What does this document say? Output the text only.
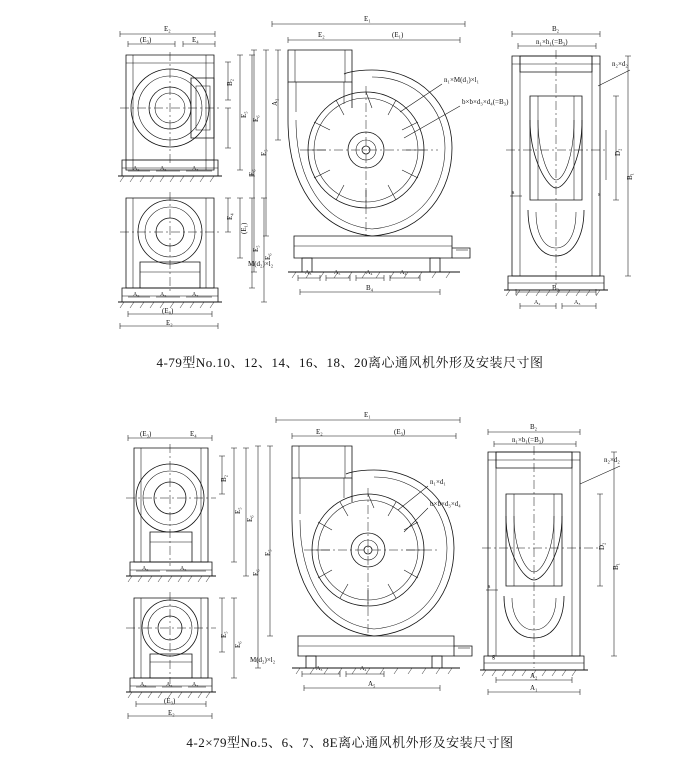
E₂
(E₃)	E₄
B₂
E₅
E₆
A₆	A₅	A₇
E₄
(E₁)
E₅
E₆
A₆	A₅	A₇
(E₀)
E₂
E₁
E₂	(E₁)
n₁×M(d₁)×l₁
b×b×d₃×d₄(=B₃)
A₂
E₅
E₆
M(d₂)×l₂
A₃	A₅	A₄	A₄
B₄
B₂
n₁×h₁(=B₃)
n₂×d₂
D₂
B₁
s
s
B₃
A₂	A₃
4-79型No.10、12、14、16、18、20离心通风机外形及安装尺寸图
(E₃)	E₄
B₂
E₅
E₆
A₆	A₅
E₅
E₆
A₆	A₅	A₇
(E₃)
E₂
E₁
E₂	(E₃)
n₁×d₁
b×b×d₃×d₄
E₅
E₆
M(d₂)×l₂
A₃	A₄
A₅
B₂
n₁×b₁(=B₃)
n₂×d₂
D₂
B₁
s
g
A₂
A₁
4-2×79型No.5、6、7、8E离心通风机外形及安装尺寸图
